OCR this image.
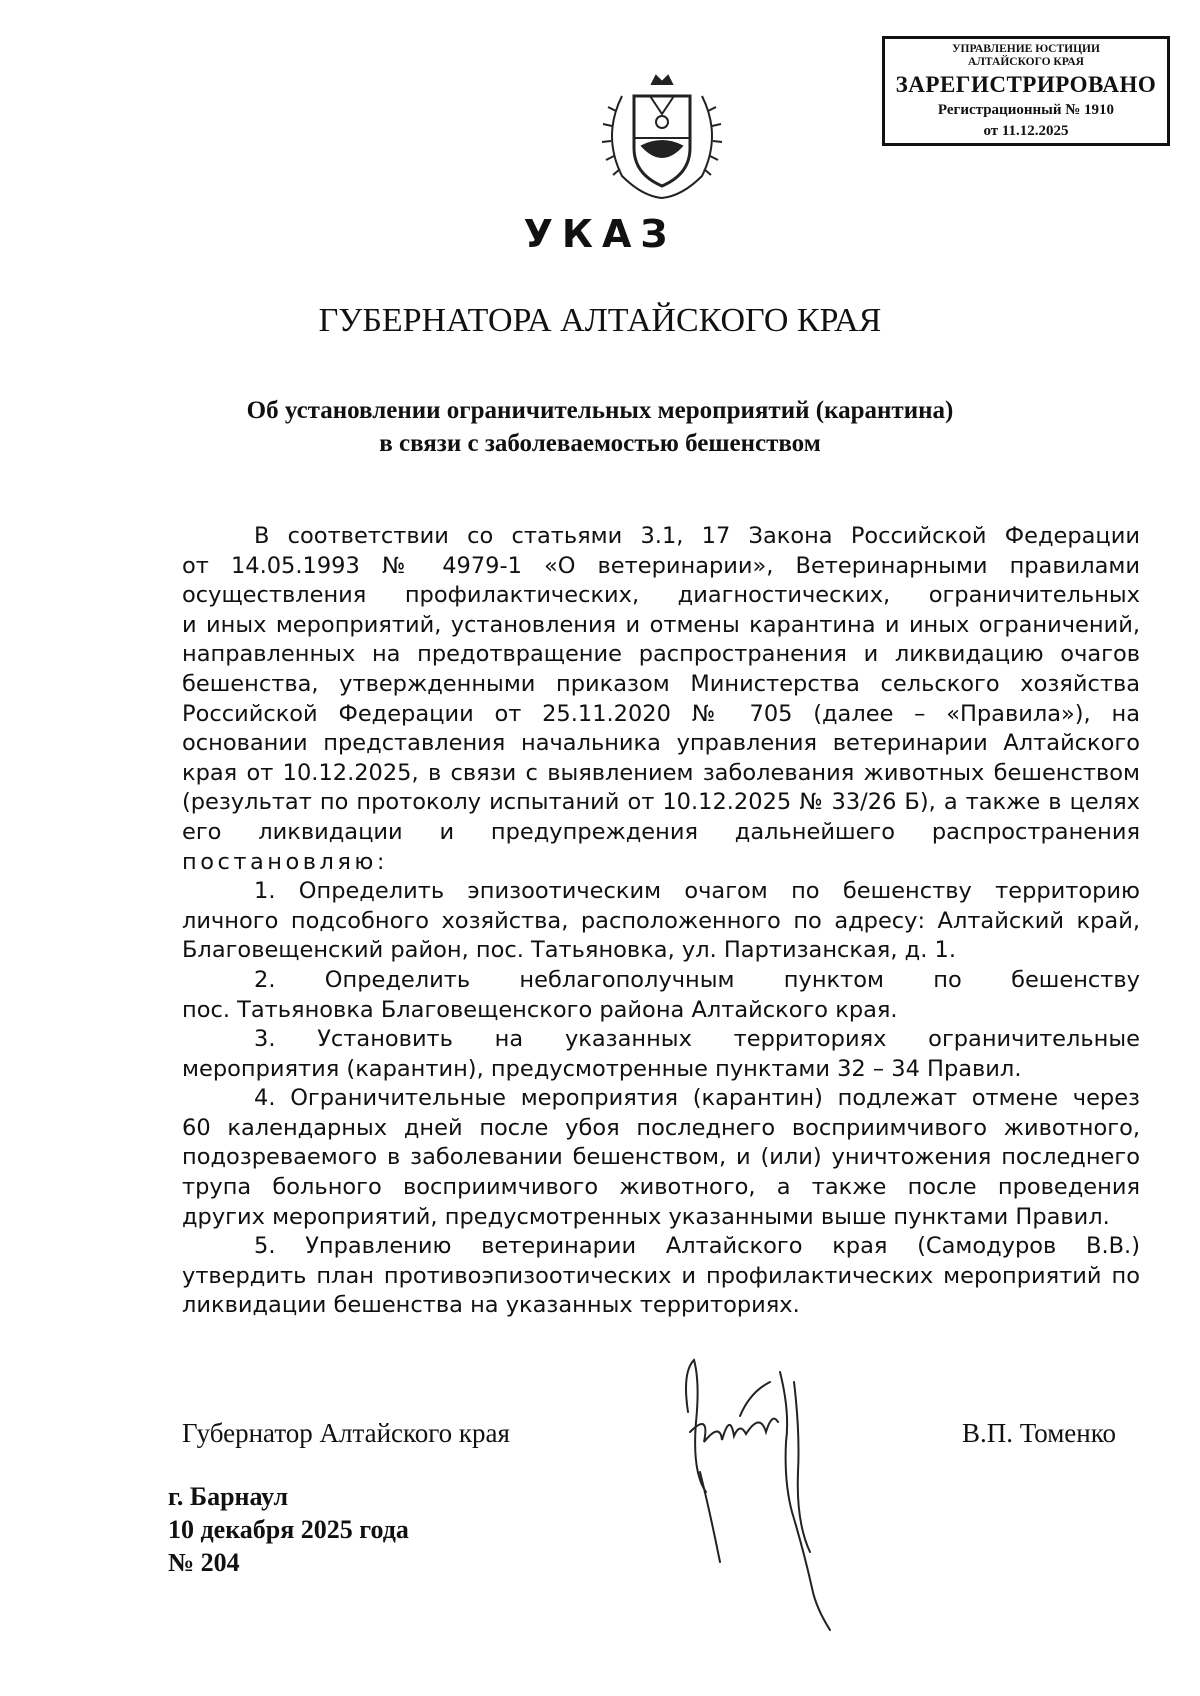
УПРАВЛЕНИЕ ЮСТИЦИИ
АЛТАЙСКОГО КРАЯ
ЗАРЕГИСТРИРОВАНО
Регистрационный № 1910
от 11.12.2025
УКАЗ
ГУБЕРНАТОРА АЛТАЙСКОГО КРАЯ
Об установлении ограничительных мероприятий (карантина)
в связи с заболеваемостью бешенством
В соответствии со статьями 3.1, 17 Закона Российской Федерации
от 14.05.1993 № 4979-1 «О ветеринарии», Ветеринарными правилами
осуществления профилактических, диагностических, ограничительных
и иных мероприятий, установления и отмены карантина и иных ограничений,
направленных на предотвращение распространения и ликвидацию очагов
бешенства, утвержденными приказом Министерства сельского хозяйства
Российской Федерации от 25.11.2020 № 705 (далее – «Правила»), на
основании представления начальника управления ветеринарии Алтайского
края от 10.12.2025, в связи с выявлением заболевания животных бешенством
(результат по протоколу испытаний от 10.12.2025 № 33/26 Б), а также в целях
его ликвидации и предупреждения дальнейшего распространения
постановляю:
1. Определить эпизоотическим очагом по бешенству территорию
личного подсобного хозяйства, расположенного по адресу: Алтайский край,
Благовещенский район, пос. Татьяновка, ул. Партизанская, д. 1.
2. Определить неблагополучным пунктом по бешенству
пос. Татьяновка Благовещенского района Алтайского края.
3. Установить на указанных территориях ограничительные
мероприятия (карантин), предусмотренные пунктами 32 – 34 Правил.
4. Ограничительные мероприятия (карантин) подлежат отмене через
60 календарных дней после убоя последнего восприимчивого животного,
подозреваемого в заболевании бешенством, и (или) уничтожения последнего
трупа больного восприимчивого животного, а также после проведения
других мероприятий, предусмотренных указанными выше пунктами Правил.
5. Управлению ветеринарии Алтайского края (Самодуров В.В.)
утвердить план противоэпизоотических и профилактических мероприятий по
ликвидации бешенства на указанных территориях.
Губернатор Алтайского края	В.П. Томенко
г. Барнаул
10 декабря 2025 года
№ 204
